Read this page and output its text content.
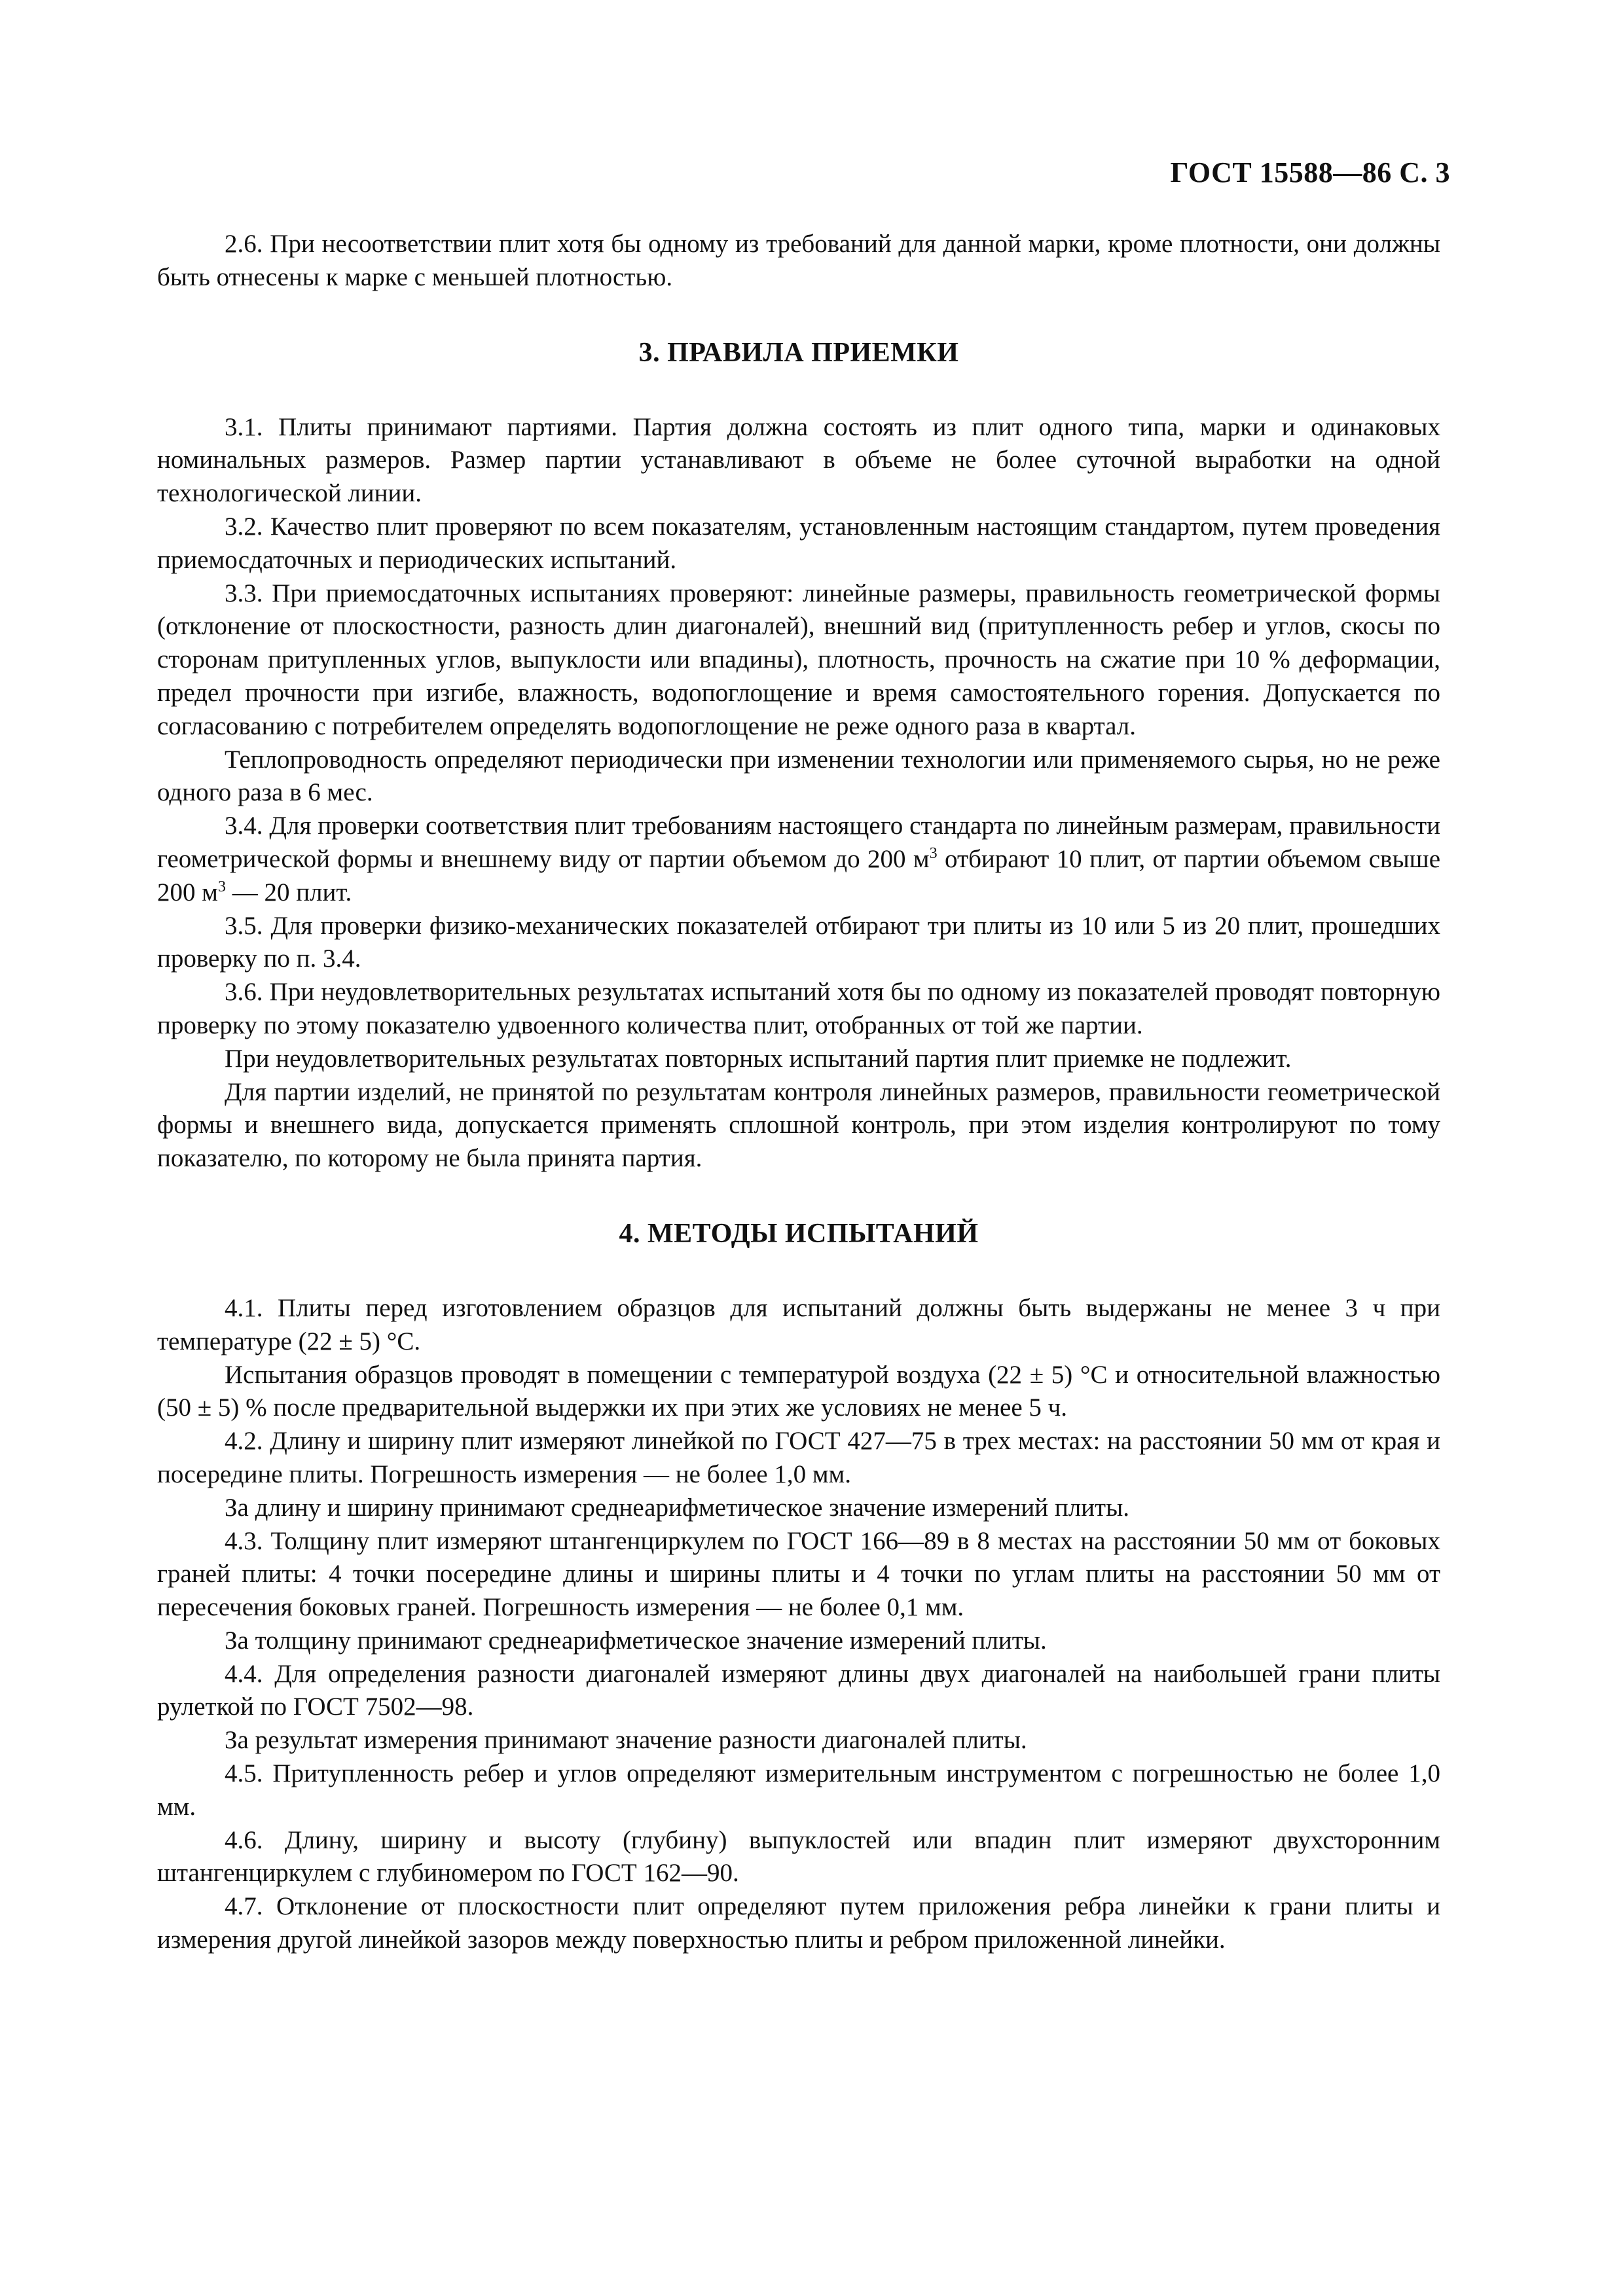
ГОСТ 15588—86 С. 3

2.6. При несоответствии плит хотя бы одному из требований для данной марки, кроме плотности, они должны быть отнесены к марке с меньшей плотностью.

3. ПРАВИЛА ПРИЕМКИ

3.1. Плиты принимают партиями. Партия должна состоять из плит одного типа, марки и одинаковых номинальных размеров. Размер партии устанавливают в объеме не более суточной выработки на одной технологической линии.

3.2. Качество плит проверяют по всем показателям, установленным настоящим стандартом, путем проведения приемосдаточных и периодических испытаний.

3.3. При приемосдаточных испытаниях проверяют: линейные размеры, правильность геометрической формы (отклонение от плоскостности, разность длин диагоналей), внешний вид (притупленность ребер и углов, скосы по сторонам притупленных углов, выпуклости или впадины), плотность, прочность на сжатие при 10 % деформации, предел прочности при изгибе, влажность, водопоглощение и время самостоятельного горения. Допускается по согласованию с потребителем определять водопоглощение не реже одного раза в квартал.

Теплопроводность определяют периодически при изменении технологии или применяемого сырья, но не реже одного раза в 6 мес.

3.4. Для проверки соответствия плит требованиям настоящего стандарта по линейным размерам, правильности геометрической формы и внешнему виду от партии объемом до 200 $м^3$ отбирают 10 плит, от партии объемом свыше 200 $м^3$ — 20 плит.

3.5. Для проверки физико-механических показателей отбирают три плиты из 10 или 5 из 20 плит, прошедших проверку по п. 3.4.

3.6. При неудовлетворительных результатах испытаний хотя бы по одному из показателей проводят повторную проверку по этому показателю удвоенного количества плит, отобранных от той же партии.

При неудовлетворительных результатах повторных испытаний партия плит приемке не подлежит.

Для партии изделий, не принятой по результатам контроля линейных размеров, правильности геометрической формы и внешнего вида, допускается применять сплошной контроль, при этом изделия контролируют по тому показателю, по которому не была принята партия.

4. МЕТОДЫ ИСПЫТАНИЙ

4.1. Плиты перед изготовлением образцов для испытаний должны быть выдержаны не менее 3 ч при температуре (22 ± 5) °С.

Испытания образцов проводят в помещении с температурой воздуха (22 ± 5) °С и относительной влажностью (50 ± 5) % после предварительной выдержки их при этих же условиях не менее 5 ч.

4.2. Длину и ширину плит измеряют линейкой по ГОСТ 427—75 в трех местах: на расстоянии 50 мм от края и посередине плиты. Погрешность измерения — не более 1,0 мм.

За длину и ширину принимают среднеарифметическое значение измерений плиты.

4.3. Толщину плит измеряют штангенциркулем по ГОСТ 166—89 в 8 местах на расстоянии 50 мм от боковых граней плиты: 4 точки посередине длины и ширины плиты и 4 точки по углам плиты на расстоянии 50 мм от пересечения боковых граней. Погрешность измерения — не более 0,1 мм.

За толщину принимают среднеарифметическое значение измерений плиты.

4.4. Для определения разности диагоналей измеряют длины двух диагоналей на наибольшей грани плиты рулеткой по ГОСТ 7502—98.

За результат измерения принимают значение разности диагоналей плиты.

4.5. Притупленность ребер и углов определяют измерительным инструментом с погрешностью не более 1,0 мм.

4.6. Длину, ширину и высоту (глубину) выпуклостей или впадин плит измеряют двухсторонним штангенциркулем с глубиномером по ГОСТ 162—90.

4.7. Отклонение от плоскостности плит определяют путем приложения ребра линейки к грани плиты и измерения другой линейкой зазоров между поверхностью плиты и ребром приложенной линейки.
